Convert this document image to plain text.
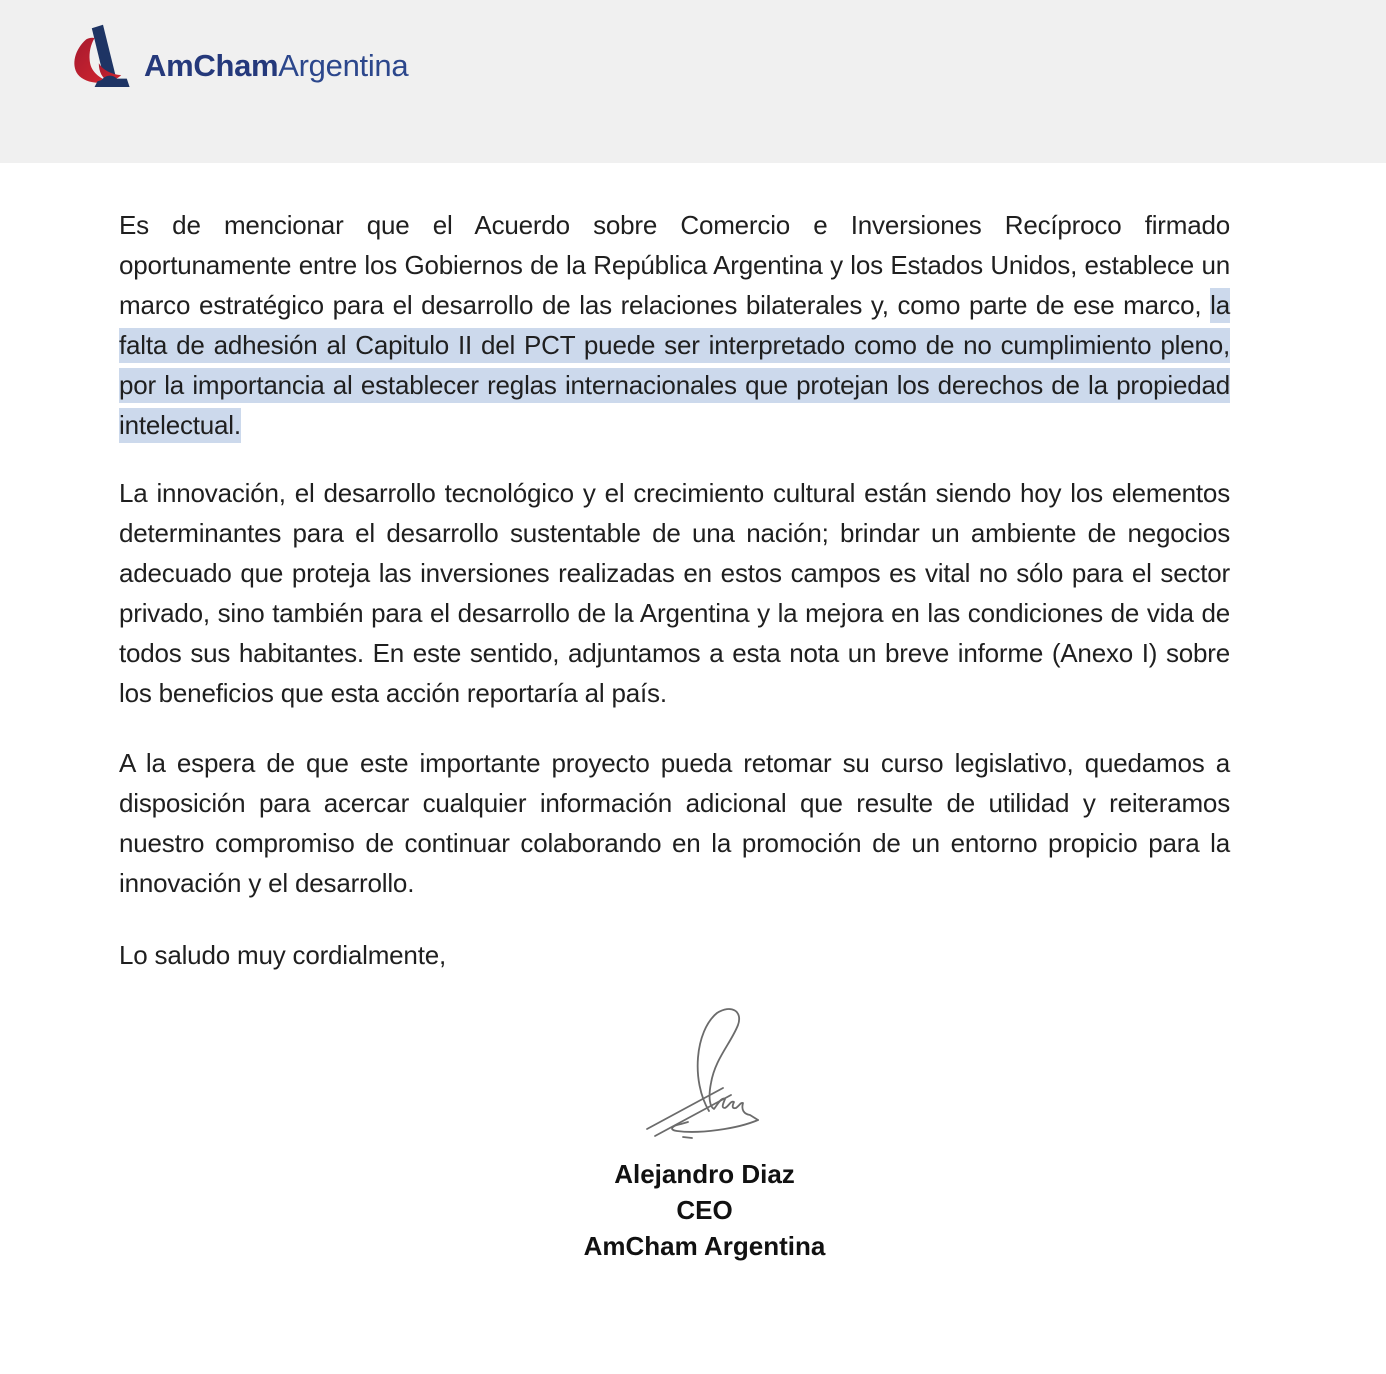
AmChamArgentina

Es de mencionar que el Acuerdo sobre Comercio e Inversiones Recíproco firmado oportunamente entre los Gobiernos de la República Argentina y los Estados Unidos, establece un marco estratégico para el desarrollo de las relaciones bilaterales y, como parte de ese marco, la falta de adhesión al Capitulo II del PCT puede ser interpretado como de no cumplimiento pleno, por la importancia al establecer reglas internacionales que protejan los derechos de la propiedad intelectual.

La innovación, el desarrollo tecnológico y el crecimiento cultural están siendo hoy los elementos determinantes para el desarrollo sustentable de una nación; brindar un ambiente de negocios adecuado que proteja las inversiones realizadas en estos campos es vital no sólo para el sector privado, sino también para el desarrollo de la Argentina y la mejora en las condiciones de vida de todos sus habitantes. En este sentido, adjuntamos a esta nota un breve informe (Anexo I) sobre los beneficios que esta acción reportaría al país.

A la espera de que este importante proyecto pueda retomar su curso legislativo, quedamos a disposición para acercar cualquier información adicional que resulte de utilidad y reiteramos nuestro compromiso de continuar colaborando en la promoción de un entorno propicio para la innovación y el desarrollo.

Lo saludo muy cordialmente,

Alejandro Diaz
CEO
AmCham Argentina
